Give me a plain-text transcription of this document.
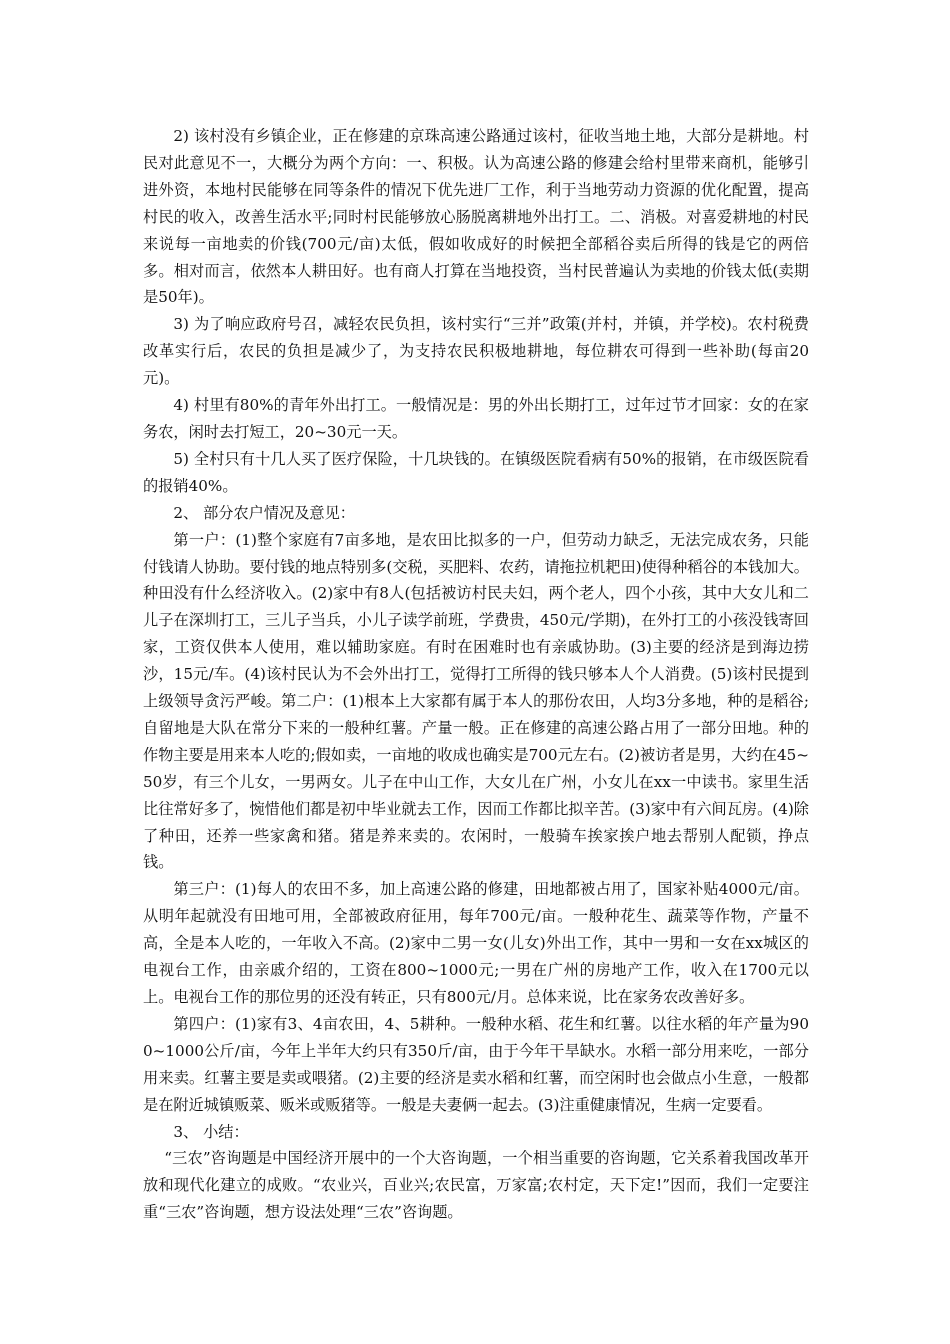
2) 该村没有乡镇企业，正在修建的京珠高速公路通过该村，征收当地土地，大部分是耕地。村民对此意见不一，大概分为两个方向：一、积极。认为高速公路的修建会给村里带来商机，能够引进外资，本地村民能够在同等条件的情况下优先进厂工作，利于当地劳动力资源的优化配置，提高村民的收入，改善生活水平;同时村民能够放心肠脱离耕地外出打工。二、消极。对喜爱耕地的村民来说每一亩地卖的价钱(700元/亩)太低，假如收成好的时候把全部稻谷卖后所得的钱是它的两倍多。相对而言，依然本人耕田好。也有商人打算在当地投资，当村民普遍认为卖地的价钱太低(卖期是50年)。

3) 为了响应政府号召，减轻农民负担，该村实行“三并”政策(并村，并镇，并学校)。农村税费改革实行后，农民的负担是减少了，为支持农民积极地耕地，每位耕农可得到一些补助(每亩20元)。

4) 村里有80%的青年外出打工。一般情况是：男的外出长期打工，过年过节才回家：女的在家务农，闲时去打短工，20~30元一天。

5) 全村只有十几人买了医疗保险，十几块钱的。在镇级医院看病有50%的报销，在市级医院看的报销40%。

2、 部分农户情况及意见：

第一户：(1)整个家庭有7亩多地，是农田比拟多的一户，但劳动力缺乏，无法完成农务，只能付钱请人协助。要付钱的地点特别多(交税，买肥料、农药，请拖拉机耙田)使得种稻谷的本钱加大。种田没有什么经济收入。(2)家中有8人(包括被访村民夫妇，两个老人，四个小孩，其中大女儿和二儿子在深圳打工，三儿子当兵，小儿子读学前班，学费贵，450元/学期)，在外打工的小孩没钱寄回家，工资仅供本人使用，难以辅助家庭。有时在困难时也有亲戚协助。(3)主要的经济是到海边捞沙，15元/车。(4)该村民认为不会外出打工，觉得打工所得的钱只够本人个人消费。(5)该村民提到上级领导贪污严峻。第二户：(1)根本上大家都有属于本人的那份农田，人均3分多地，种的是稻谷;自留地是大队在常分下来的一般种红薯。产量一般。正在修建的高速公路占用了一部分田地。种的作物主要是用来本人吃的;假如卖，一亩地的收成也确实是700元左右。(2)被访者是男，大约在45~50岁，有三个儿女，一男两女。儿子在中山工作，大女儿在广州，小女儿在xx一中读书。家里生活比往常好多了，惋惜他们都是初中毕业就去工作，因而工作都比拟辛苦。(3)家中有六间瓦房。(4)除了种田，还养一些家禽和猪。猪是养来卖的。农闲时，一般骑车挨家挨户地去帮别人配锁，挣点钱。

第三户：(1)每人的农田不多，加上高速公路的修建，田地都被占用了，国家补贴4000元/亩。从明年起就没有田地可用，全部被政府征用，每年700元/亩。一般种花生、蔬菜等作物，产量不高，全是本人吃的，一年收入不高。(2)家中二男一女(儿女)外出工作，其中一男和一女在xx城区的电视台工作，由亲戚介绍的，工资在800~1000元;一男在广州的房地产工作，收入在1700元以上。电视台工作的那位男的还没有转正，只有800元/月。总体来说，比在家务农改善好多。

第四户：(1)家有3、4亩农田，4、5耕种。一般种水稻、花生和红薯。以往水稻的年产量为900~1000公斤/亩，今年上半年大约只有350斤/亩，由于今年干旱缺水。水稻一部分用来吃，一部分用来卖。红薯主要是卖或喂猪。(2)主要的经济是卖水稻和红薯，而空闲时也会做点小生意，一般都是在附近城镇贩菜、贩米或贩猪等。一般是夫妻俩一起去。(3)注重健康情况，生病一定要看。

3、 小结：

“三农”咨询题是中国经济开展中的一个大咨询题，一个相当重要的咨询题，它关系着我国改革开放和现代化建立的成败。“农业兴，百业兴;农民富，万家富;农村定，天下定!”因而，我们一定要注重“三农”咨询题，想方设法处理“三农”咨询题。
